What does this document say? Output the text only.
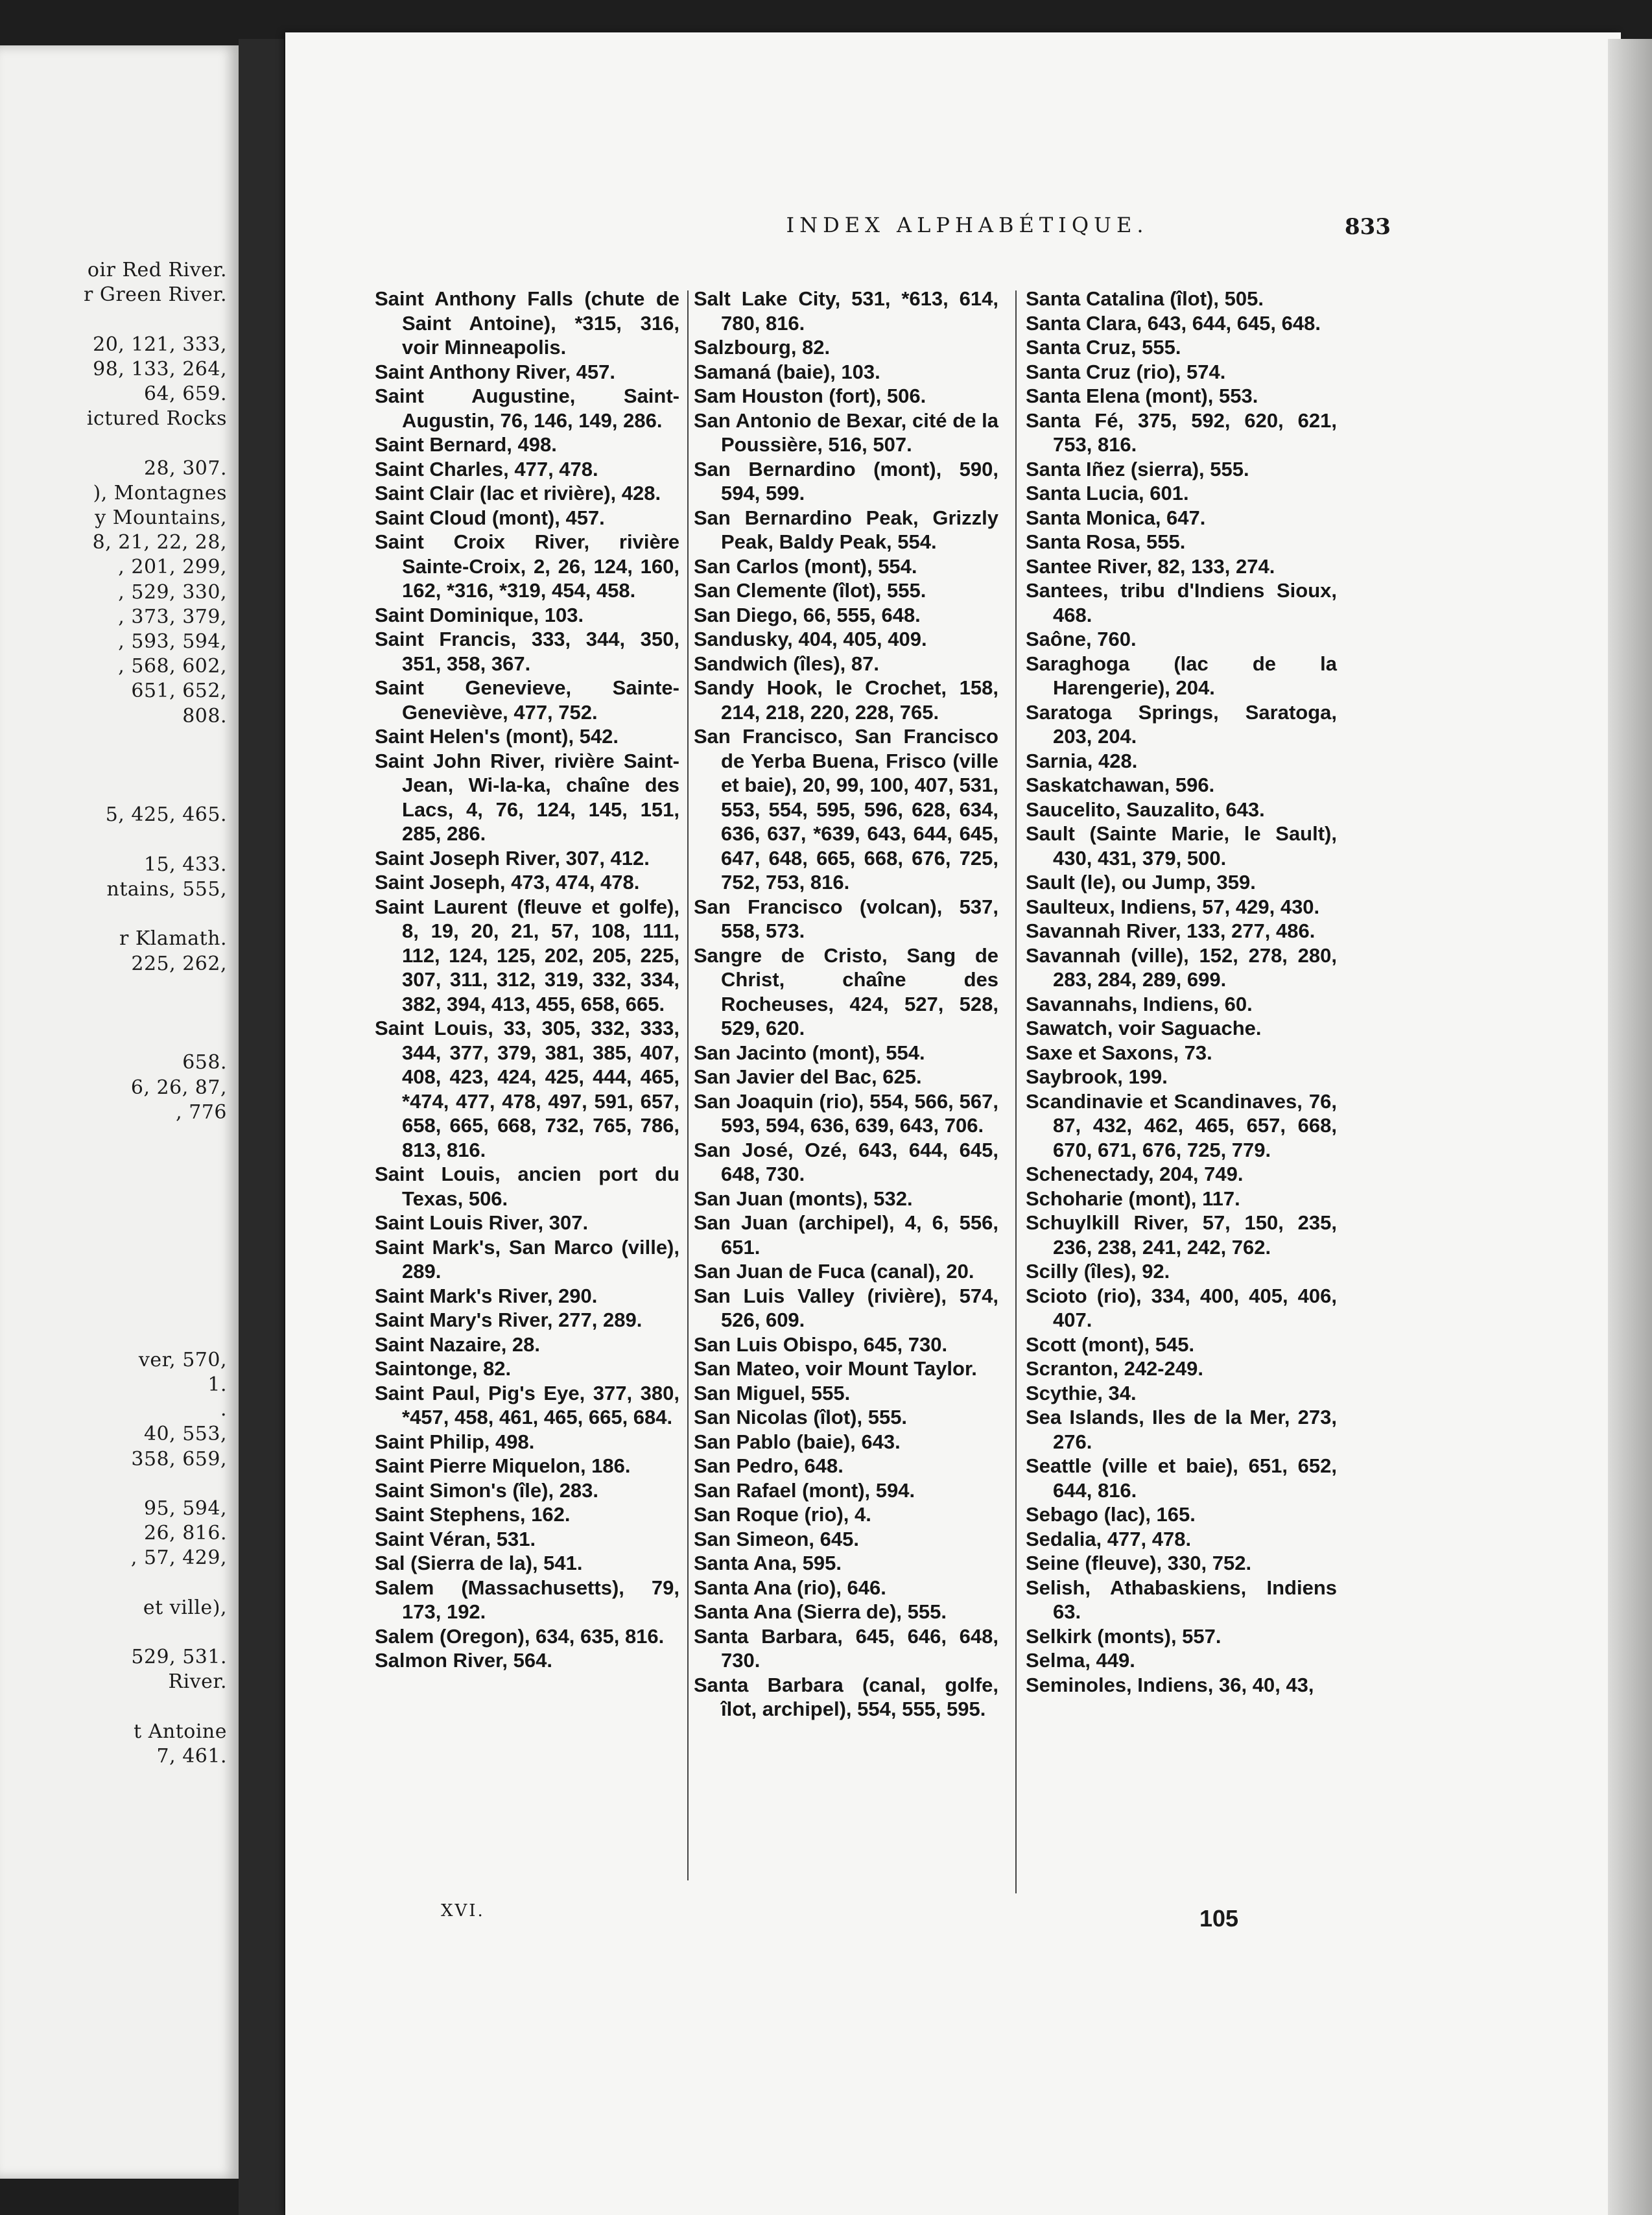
oir Red River.
r Green River.
20, 121, 333,
98, 133, 264,
64, 659.
ictured Rocks
28, 307.
), Montagnes
y Mountains,
8, 21, 22, 28,
, 201, 299,
, 529, 330,
, 373, 379,
, 593, 594,
, 568, 602,
651, 652,
808.
5, 425, 465.
15, 433.
ntains, 555,
r Klamath.
225, 262,
658.
6, 26, 87,
, 776
ver, 570,
1.
.
40, 553,
358, 659,
95, 594,
26, 816.
, 57, 429,
et ville),
529, 531.
River.
t Antoine
7, 461.
INDEX ALPHABÉTIQUE.	833
Saint Anthony Falls (chute de Saint Antoine), *315, 316, voir Minneapolis.
Saint Anthony River, 457.
Saint Augustine, Saint-Augustin, 76, 146, 149, 286.
Saint Bernard, 498.
Saint Charles, 477, 478.
Saint Clair (lac et rivière), 428.
Saint Cloud (mont), 457.
Saint Croix River, rivière Sainte-Croix, 2, 26, 124, 160, 162, *316, *319, 454, 458.
Saint Dominique, 103.
Saint Francis, 333, 344, 350, 351, 358, 367.
Saint Genevieve, Sainte-Geneviève, 477, 752.
Saint Helen's (mont), 542.
Saint John River, rivière Saint-Jean, Wi-la-ka, chaîne des Lacs, 4, 76, 124, 145, 151, 285, 286.
Saint Joseph River, 307, 412.
Saint Joseph, 473, 474, 478.
Saint Laurent (fleuve et golfe), 8, 19, 20, 21, 57, 108, 111, 112, 124, 125, 202, 205, 225, 307, 311, 312, 319, 332, 334, 382, 394, 413, 455, 658, 665.
Saint Louis, 33, 305, 332, 333, 344, 377, 379, 381, 385, 407, 408, 423, 424, 425, 444, 465, *474, 477, 478, 497, 591, 657, 658, 665, 668, 732, 765, 786, 813, 816.
Saint Louis, ancien port du Texas, 506.
Saint Louis River, 307.
Saint Mark's, San Marco (ville), 289.
Saint Mark's River, 290.
Saint Mary's River, 277, 289.
Saint Nazaire, 28.
Saintonge, 82.
Saint Paul, Pig's Eye, 377, 380, *457, 458, 461, 465, 665, 684.
Saint Philip, 498.
Saint Pierre Miquelon, 186.
Saint Simon's (île), 283.
Saint Stephens, 162.
Saint Véran, 531.
Sal (Sierra de la), 541.
Salem (Massachusetts), 79, 173, 192.
Salem (Oregon), 634, 635, 816.
Salmon River, 564.
Salt Lake City, 531, *613, 614, 780, 816.
Salzbourg, 82.
Samaná (baie), 103.
Sam Houston (fort), 506.
San Antonio de Bexar, cité de la Poussière, 516, 507.
San Bernardino (mont), 590, 594, 599.
San Bernardino Peak, Grizzly Peak, Baldy Peak, 554.
San Carlos (mont), 554.
San Clemente (îlot), 555.
San Diego, 66, 555, 648.
Sandusky, 404, 405, 409.
Sandwich (îles), 87.
Sandy Hook, le Crochet, 158, 214, 218, 220, 228, 765.
San Francisco, San Francisco de Yerba Buena, Frisco (ville et baie), 20, 99, 100, 407, 531, 553, 554, 595, 596, 628, 634, 636, 637, *639, 643, 644, 645, 647, 648, 665, 668, 676, 725, 752, 753, 816.
San Francisco (volcan), 537, 558, 573.
Sangre de Cristo, Sang de Christ, chaîne des Rocheuses, 424, 527, 528, 529, 620.
San Jacinto (mont), 554.
San Javier del Bac, 625.
San Joaquin (rio), 554, 566, 567, 593, 594, 636, 639, 643, 706.
San José, Ozé, 643, 644, 645, 648, 730.
San Juan (monts), 532.
San Juan (archipel), 4, 6, 556, 651.
San Juan de Fuca (canal), 20.
San Luis Valley (rivière), 574, 526, 609.
San Luis Obispo, 645, 730.
San Mateo, voir Mount Taylor.
San Miguel, 555.
San Nicolas (îlot), 555.
San Pablo (baie), 643.
San Pedro, 648.
San Rafael (mont), 594.
San Roque (rio), 4.
San Simeon, 645.
Santa Ana, 595.
Santa Ana (rio), 646.
Santa Ana (Sierra de), 555.
Santa Barbara, 645, 646, 648, 730.
Santa Barbara (canal, golfe, îlot, archipel), 554, 555, 595.
Santa Catalina (îlot), 505.
Santa Clara, 643, 644, 645, 648.
Santa Cruz, 555.
Santa Cruz (rio), 574.
Santa Elena (mont), 553.
Santa Fé, 375, 592, 620, 621, 753, 816.
Santa Iñez (sierra), 555.
Santa Lucia, 601.
Santa Monica, 647.
Santa Rosa, 555.
Santee River, 82, 133, 274.
Santees, tribu d'Indiens Sioux, 468.
Saône, 760.
Saraghoga (lac de la Harengerie), 204.
Saratoga Springs, Saratoga, 203, 204.
Sarnia, 428.
Saskatchawan, 596.
Saucelito, Sauzalito, 643.
Sault (Sainte Marie, le Sault), 430, 431, 379, 500.
Sault (le), ou Jump, 359.
Saulteux, Indiens, 57, 429, 430.
Savannah River, 133, 277, 486.
Savannah (ville), 152, 278, 280, 283, 284, 289, 699.
Savannahs, Indiens, 60.
Sawatch, voir Saguache.
Saxe et Saxons, 73.
Saybrook, 199.
Scandinavie et Scandinaves, 76, 87, 432, 462, 465, 657, 668, 670, 671, 676, 725, 779.
Schenectady, 204, 749.
Schoharie (mont), 117.
Schuylkill River, 57, 150, 235, 236, 238, 241, 242, 762.
Scilly (îles), 92.
Scioto (rio), 334, 400, 405, 406, 407.
Scott (mont), 545.
Scranton, 242-249.
Scythie, 34.
Sea Islands, Iles de la Mer, 273, 276.
Seattle (ville et baie), 651, 652, 644, 816.
Sebago (lac), 165.
Sedalia, 477, 478.
Seine (fleuve), 330, 752.
Selish, Athabaskiens, Indiens 63.
Selkirk (monts), 557.
Selma, 449.
Seminoles, Indiens, 36, 40, 43,
XVI.	105
